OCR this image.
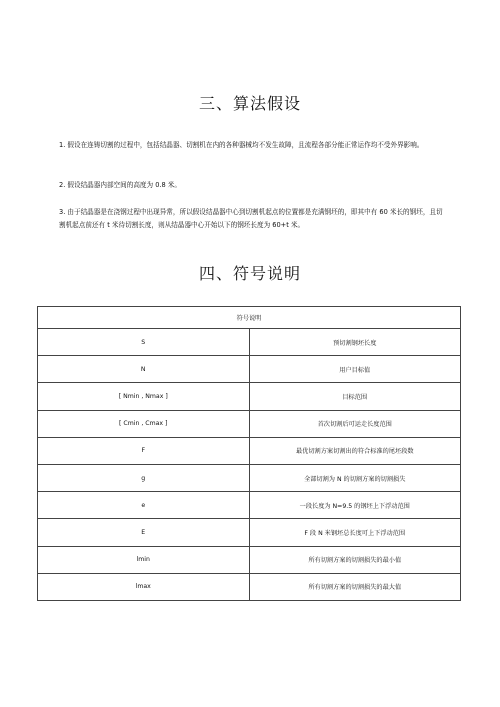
三、算法假设
1. 假设在连铸切割的过程中，包括结晶器、切割机在内的各种器械均不发生故障，且流程各部分能正常运作均不受外界影响。
2. 假设结晶器内部空间的高度为 0.8 米。
3. 由于结晶器是在浇钢过程中出现异常，所以假设结晶器中心到切割机起点的位置都是充满钢坯的，即其中有 60 米长的钢坯，且切割机起点前还有 t 米待切割长度，则从结晶器中心开始以下的钢坯长度为 60+t 米。
四、符号说明
符号说明	
S	预切割钢坯长度
N	用户目标值
[ Nmin , Nmax ]	目标范围
[ Cmin , Cmax ]	首次切割后可运走长度范围
F	最优切割方案切割出的符合标准的尾坯段数
g	全部切割为 N 的切割方案的切割损失
e	一段长度为 N=9.5 的钢坯上下浮动范围
E	F 段 N 米钢坯总长度可上下浮动范围
lmin	所有切割方案的切割损失的最小值
lmax	所有切割方案的切割损失的最大值
